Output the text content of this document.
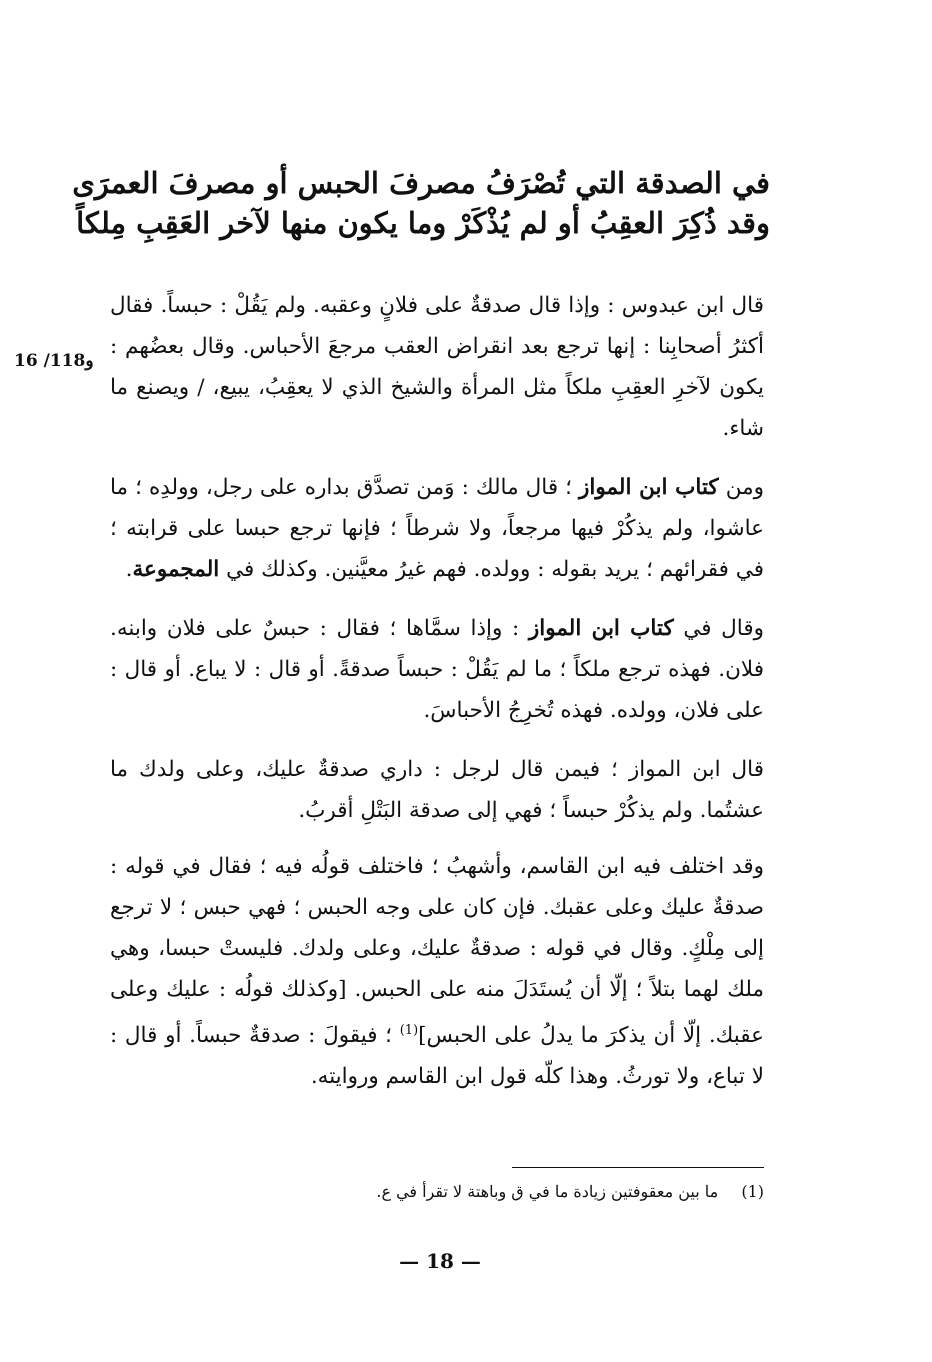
في الصدقة التي تُصْرَفُ مصرفَ الحبس أو مصرفَ العمرَى
وقد ذُكِرَ العقِبُ أو لم يُذْكَرْ وما يكون منها لآخر العَقِبِ مِلكاً
ﻭ118/ 16

قال ابن عبدوس : وإذا قال صدقةٌ على فلانٍ وعقبه. ولم يَقُلْ : حبساً. فقال أكثرُ أصحابِنا : إنها ترجع بعد انقراض العقب مرجعَ الأحباس. وقال بعضُهم : يكون لآخرِ العقِبِ ملكاً مثل المرأة والشيخ الذي لا يعقِبُ، يبيع، / ويصنع ما شاء.

ومن كتاب ابن المواز ؛ قال مالك : وَمن تصدَّق بداره على رجل، وولدِه ؛ ما عاشوا، ولم يذكُرْ فيها مرجعاً، ولا شرطاً ؛ فإنها ترجع حبسا على قرابته ؛ في فقرائهم ؛ يريد بقوله : وولده. فهم غيرُ معيَّنين. وكذلك في المجموعة.

وقال في كتاب ابن المواز : وإذا سمَّاها ؛ فقال : حبسٌ على فلان وابنه. فلان. فهذه ترجع ملكاً ؛ ما لم يَقُلْ : حبساً صدقةً. أو قال : لا يباع. أو قال : على فلان، وولده. فهذه تُخرِجُ الأحباسَ.

قال ابن المواز ؛ فيمن قال لرجل : داري صدقةٌ عليك، وعلى ولدك ما عشتُما. ولم يذكُرْ حبساً ؛ فهي إلى صدقة البَتْلِ أقربُ.

وقد اختلف فيه ابن القاسم، وأشهبُ ؛ فاختلف قولُه فيه ؛ فقال في قوله : صدقةٌ عليك وعلى عقبك. فإن كان على وجه الحبس ؛ فهي حبس ؛ لا ترجع إلى مِلْكٍ. وقال في قوله : صدقةٌ عليك، وعلى ولدك. فليستْ حبسا، وهي ملك لهما بتلاً ؛ إلّا أن يُستَدَلَ منه على الحبس. [وكذلك قولُه : عليك وعلى عقبك. إلّا أن يذكرَ ما يدلُ على الحبس]$^{(1)}$ ؛ فيقولَ : صدقةٌ حبساً. أو قال : لا تباع، ولا تورثُ. وهذا كلّه قول ابن القاسم وروايته.

(1) ما بين معقوفتين زيادة ما في ق وباهتة لا تقرأ في ع.
— 18 —
